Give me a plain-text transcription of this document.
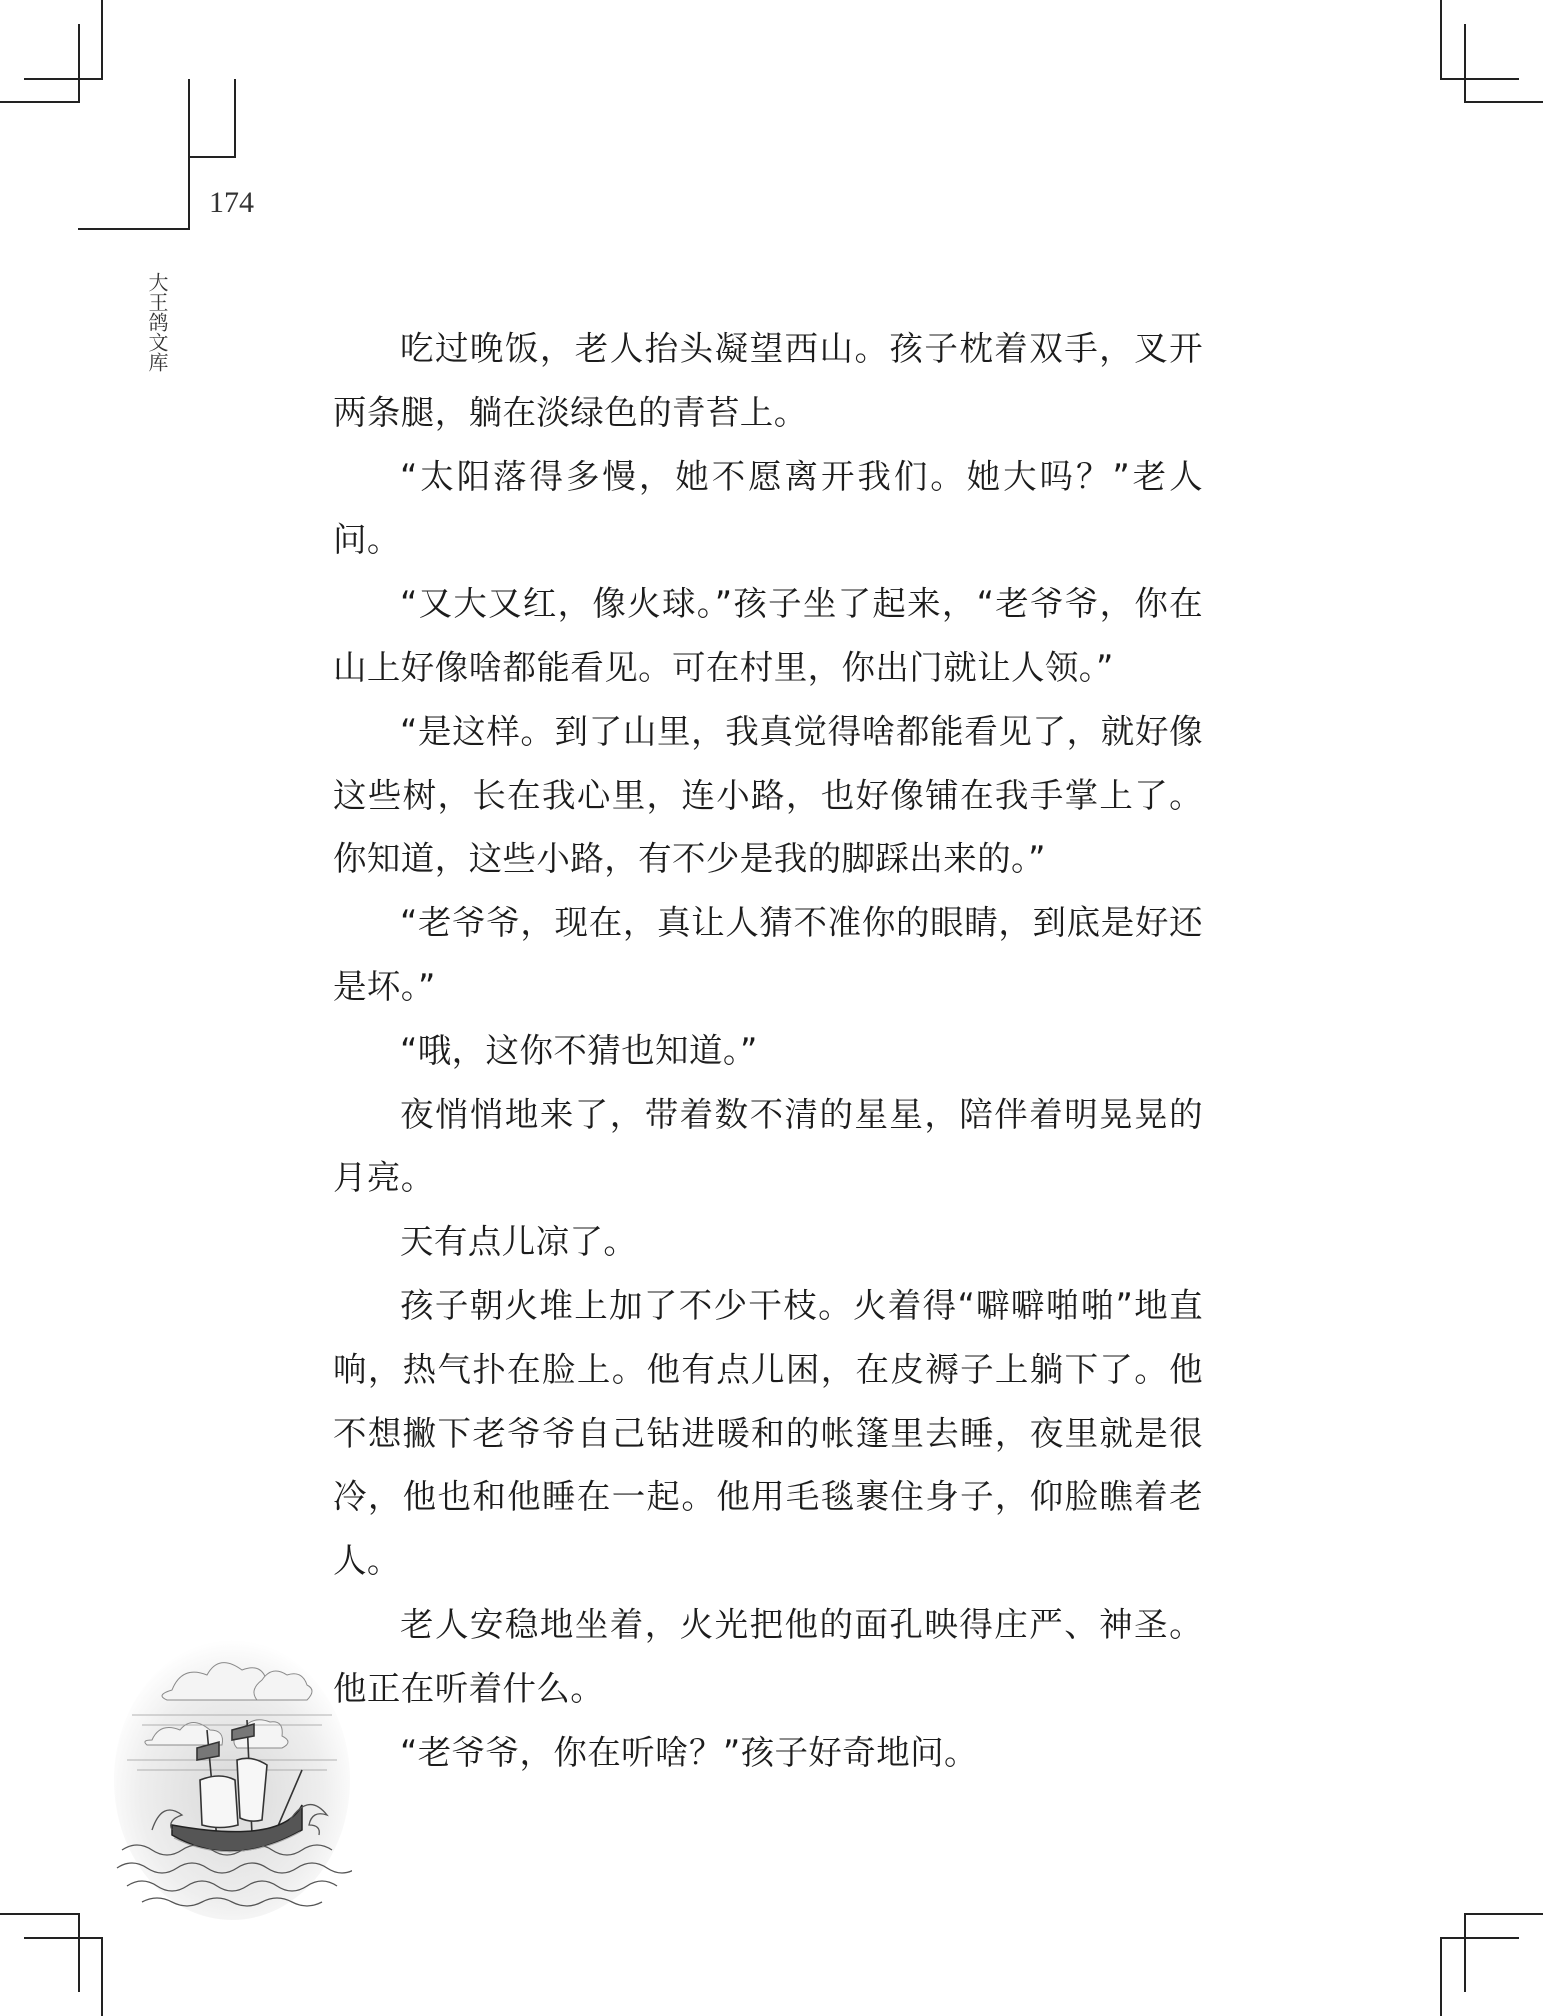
174
大王鸽文库	吃过晚饭，老人抬头凝望西山。孩子枕着双手，叉开两条腿，躺在淡绿色的青苔上。

“太阳落得多慢，她不愿离开我们。她大吗？”老人问。

“又大又红，像火球。”孩子坐了起来，“老爷爷，你在山上好像啥都能看见。可在村里，你出门就让人领。”

“是这样。到了山里，我真觉得啥都能看见了，就好像这些树，长在我心里，连小路，也好像铺在我手掌上了。你知道，这些小路，有不少是我的脚踩出来的。”

“老爷爷，现在，真让人猜不准你的眼睛，到底是好还是坏。”

“哦，这你不猜也知道。”

夜悄悄地来了，带着数不清的星星，陪伴着明晃晃的月亮。

天有点儿凉了。

孩子朝火堆上加了不少干枝。火着得“噼噼啪啪”地直响，热气扑在脸上。他有点儿困，在皮褥子上躺下了。他不想撇下老爷爷自己钻进暖和的帐篷里去睡，夜里就是很冷，他也和他睡在一起。他用毛毯裹住身子，仰脸瞧着老人。

老人安稳地坐着，火光把他的面孔映得庄严、神圣。他正在听着什么。

“老爷爷，你在听啥？”孩子好奇地问。
